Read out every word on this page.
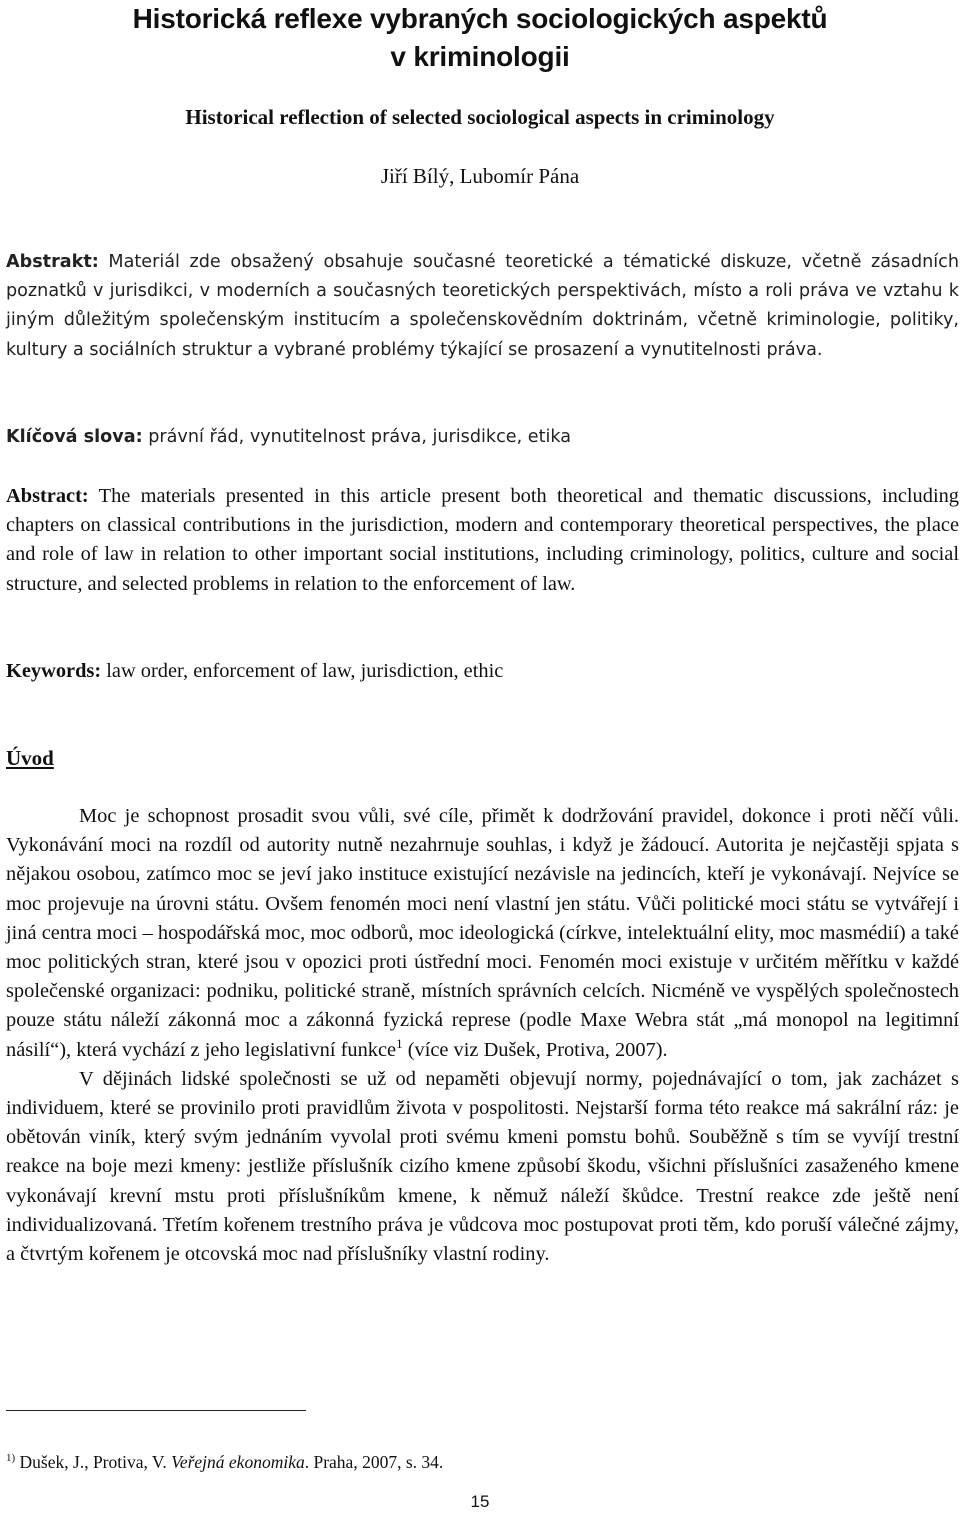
Historická reflexe vybraných sociologických aspektů
v kriminologii
Historical reflection of selected sociological aspects in criminology
Jiří Bílý, Lubomír Pána

Abstrakt: Materiál zde obsažený obsahuje současné teoretické a tématické diskuze, včetně zásadních poznatků v jurisdikci, v moderních a současných teoretických perspektivách, místo a roli práva ve vztahu k jiným důležitým společenským institucím a společenskovědním doktrinám, včetně kriminologie, politiky, kultury a sociálních struktur a vybrané problémy týkající se prosazení a vynutitelnosti práva.

Klíčová slova: právní řád, vynutitelnost práva, jurisdikce, etika

Abstract: The materials presented in this article present both theoretical and thematic discussions, including chapters on classical contributions in the jurisdiction, modern and contemporary theoretical perspectives, the place and role of law in relation to other important social institutions, including criminology, politics, culture and social structure, and selected problems in relation to the enforcement of law.

Keywords: law order, enforcement of law, jurisdiction, ethic

Úvod

Moc je schopnost prosadit svou vůli, své cíle, přimět k dodržování pravidel, dokonce i proti něčí vůli. Vykonávání moci na rozdíl od autority nutně nezahrnuje souhlas, i když je žádoucí. Autorita je nejčastěji spjata s nějakou osobou, zatímco moc se jeví jako instituce existující nezávisle na jedincích, kteří je vykonávají. Nejvíce se moc projevuje na úrovni státu. Ovšem fenomén moci není vlastní jen státu. Vůči politické moci státu se vytvářejí i jiná centra moci – hospodářská moc, moc odborů, moc ideologická (církve, intelektuální elity, moc masmédií) a také moc politických stran, které jsou v opozici proti ústřední moci. Fenomén moci existuje v určitém měřítku v každé společenské organizaci: podniku, politické straně, místních správních celcích. Nicméně ve vyspělých společnostech pouze státu náleží zákonná moc a zákonná fyzická represe (podle Maxe Webra stát „má monopol na legitimní násilí“), která vychází z jeho legislativní funkce$^1$ (více viz Dušek, Protiva, 2007).

V dějinách lidské společnosti se už od nepaměti objevují normy, pojednávající o tom, jak zacházet s individuem, které se provinilo proti pravidlům života v pospolitosti. Nejstarší forma této reakce má sakrální ráz: je obětován viník, který svým jednáním vyvolal proti svému kmeni pomstu bohů. Souběžně s tím se vyvíjí trestní reakce na boje mezi kmeny: jestliže příslušník cizího kmene způsobí škodu, všichni příslušníci zasaženého kmene vykonávají krevní mstu proti příslušníkům kmene, k němuž náleží škůdce. Trestní reakce zde ještě není individualizovaná. Třetím kořenem trestního práva je vůdcova moc postupovat proti těm, kdo poruší válečné zájmy, a čtvrtým kořenem je otcovská moc nad příslušníky vlastní rodiny.

$^{1)}$ Dušek, J., Protiva, V. Veřejná ekonomika. Praha, 2007, s. 34.

15
